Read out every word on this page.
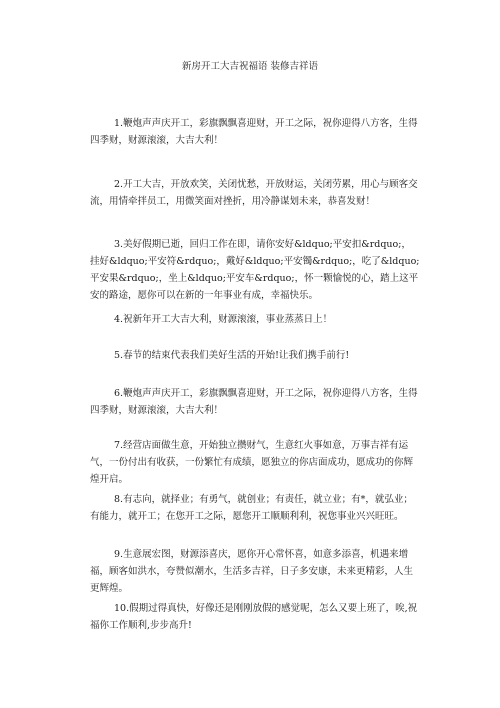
新房开工大吉祝福语 装修吉祥语

1.鞭炮声声庆开工，彩旗飘飘喜迎财，开工之际，祝你迎得八方客，生得四季财，财源滚滚，大吉大利！

2.开工大吉，开放欢笑，关闭忧愁，开放财运，关闭劳累，用心与顾客交流，用情牵拌员工，用微笑面对挫折，用冷静谋划未来，恭喜发财！

3.美好假期已逝，回归工作在即，请你安好&ldquo;平安扣&rdquo;，挂好&ldquo;平安符&rdquo;，戴好&ldquo;平安镯&rdquo;，吃了&ldquo;平安果&rdquo;，坐上&ldquo;平安车&rdquo;，怀一颗愉悦的心，踏上这平安的路途，愿你可以在新的一年事业有成，幸福快乐。

4.祝新年开工大吉大利，财源滚滚，事业蒸蒸日上！

5.春节的结束代表我们美好生活的开始!让我们携手前行!

6.鞭炮声声庆开工，彩旗飘飘喜迎财，开工之际，祝你迎得八方客，生得四季财，财源滚滚，大吉大利！

7.经营店面做生意，开始独立攒财气，生意红火事如意，万事吉祥有运气，一份付出有收获，一份繁忙有成绩，愿独立的你店面成功，愿成功的你辉煌开启。

8.有志向，就择业；有勇气，就创业；有责任，就立业；有*，就弘业；有能力，就开工；在您开工之际，愿您开工顺顺利利，祝您事业兴兴旺旺。

9.生意展宏图，财源添喜庆，愿你开心常怀喜，如意多添喜，机遇来增福，顾客如洪水，夸赞似潮水，生活多吉祥，日子多安康，未来更精彩，人生更辉煌。

10.假期过得真快，好像还是刚刚放假的感觉呢，怎么又要上班了，唉,祝福你工作顺利,步步高升!
